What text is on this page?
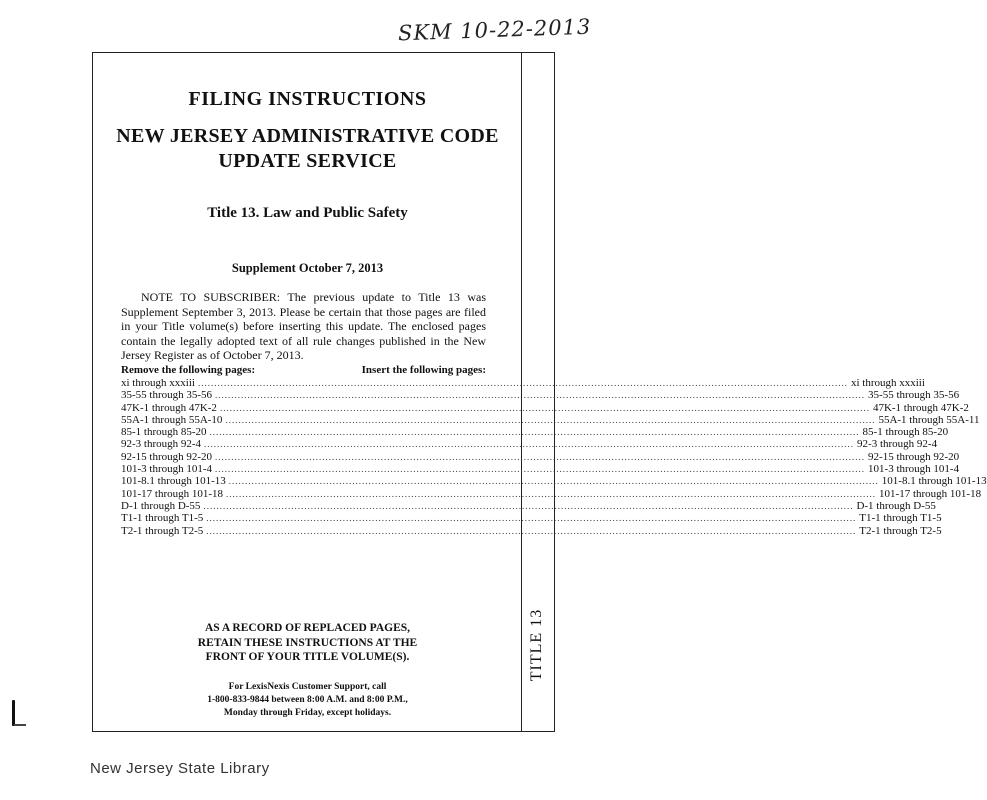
SKM 10-22-2013
TITLE 13
FILING INSTRUCTIONS
NEW JERSEY ADMINISTRATIVE CODE
UPDATE SERVICE
Title 13. Law and Public Safety
Supplement October 7, 2013
NOTE TO SUBSCRIBER: The previous update to Title 13 was Supplement September 3, 2013. Please be certain that those pages are filed in your Title volume(s) before inserting this update. The enclosed pages contain the legally adopted text of all rule changes published in the New Jersey Register as of October 7, 2013.
Remove the following pages:	Insert the following pages:
xi through xxxiii ........................................................................................................................................................................................................ xi through xxxiii
35-55 through 35-56 ........................................................................................................................................................................................................ 35-55 through 35-56
47K-1 through 47K-2 ........................................................................................................................................................................................................ 47K-1 through 47K-2
55A-1 through 55A-10 ........................................................................................................................................................................................................ 55A-1 through 55A-11
85-1 through 85-20 ........................................................................................................................................................................................................ 85-1 through 85-20
92-3 through 92-4 ........................................................................................................................................................................................................ 92-3 through 92-4
92-15 through 92-20 ........................................................................................................................................................................................................ 92-15 through 92-20
101-3 through 101-4 ........................................................................................................................................................................................................ 101-3 through 101-4
101-8.1 through 101-13 ........................................................................................................................................................................................................ 101-8.1 through 101-13
101-17 through 101-18 ........................................................................................................................................................................................................ 101-17 through 101-18
D-1 through D-55 ........................................................................................................................................................................................................ D-1 through D-55
T1-1 through T1-5 ........................................................................................................................................................................................................ T1-1 through T1-5
T2-1 through T2-5 ........................................................................................................................................................................................................ T2-1 through T2-5
AS A RECORD OF REPLACED PAGES,
RETAIN THESE INSTRUCTIONS AT THE
FRONT OF YOUR TITLE VOLUME(S).
For LexisNexis Customer Support, call
1-800-833-9844 between 8:00 A.M. and 8:00 P.M.,
Monday through Friday, except holidays.
New Jersey State Library
